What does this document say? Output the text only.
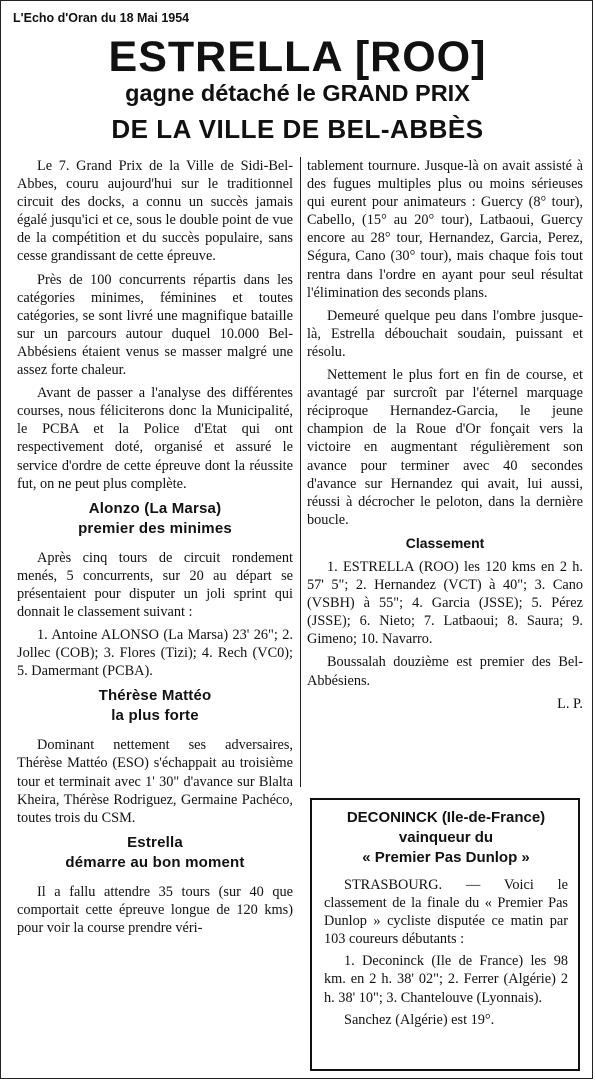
L'Echo d'Oran du 18 Mai 1954
ESTRELLA [ROO]
gagne détaché le GRAND PRIX
DE LA VILLE DE BEL-ABBÈS

Le 7. Grand Prix de la Ville de Sidi-Bel-Abbes, couru aujourd'hui sur le traditionnel circuit des docks, a connu un succès jamais égalé jusqu'ici et ce, sous le double point de vue de la compétition et du succès populaire, sans cesse grandissant de cette épreuve.

Près de 100 concurrents répartis dans les catégories minimes, féminines et toutes catégories, se sont livré une magnifique bataille sur un parcours autour duquel 10.000 Bel-Abbésiens étaient venus se masser malgré une assez forte chaleur.

Avant de passer a l'analyse des différentes courses, nous féliciterons donc la Municipalité, le PCBA et la Police d'Etat qui ont respectivement doté, organisé et assuré le service d'ordre de cette épreuve dont la réussite fut, on ne peut plus complète.

Alonzo (La Marsa)
premier des minimes

Après cinq tours de circuit rondement menés, 5 concurrents, sur 20 au départ se présentaient pour disputer un joli sprint qui donnait le classement suivant :

1. Antoine ALONSO (La Marsa) 23' 26"; 2. Jollec (COB); 3. Flores (Tizi); 4. Rech (VC0); 5. Damermant (PCBA).

Thérèse Mattéo
la plus forte

Dominant nettement ses adversaires, Thérèse Mattéo (ESO) s'échappait au troisième tour et terminait avec 1' 30" d'avance sur Blalta Kheira, Thérèse Rodriguez, Germaine Pachéco, toutes trois du CSM.

Estrella
démarre au bon moment

Il a fallu attendre 35 tours (sur 40 que comportait cette épreuve longue de 120 kms) pour voir la course prendre véri-

tablement tournure. Jusque-là on avait assisté à des fugues multiples plus ou moins sérieuses qui eurent pour animateurs : Guercy (8° tour), Cabello, (15° au 20° tour), Latbaoui, Guercy encore au 28° tour, Hernandez, Garcia, Perez, Ségura, Cano (30° tour), mais chaque fois tout rentra dans l'ordre en ayant pour seul résultat l'élimination des seconds plans.

Demeuré quelque peu dans l'ombre jusque-là, Estrella débouchait soudain, puissant et résolu.

Nettement le plus fort en fin de course, et avantagé par surcroît par l'éternel marquage réciproque Hernandez-Garcia, le jeune champion de la Roue d'Or fonçait vers la victoire en augmentant régulièrement son avance pour terminer avec 40 secondes d'avance sur Hernandez qui avait, lui aussi, réussi à décrocher le peloton, dans la dernière boucle.

Classement

1. ESTRELLA (ROO) les 120 kms en 2 h. 57' 5"; 2. Hernandez (VCT) à 40"; 3. Cano (VSBH) à 55"; 4. Garcia (JSSE); 5. Pérez (JSSE); 6. Nieto; 7. Latbaoui; 8. Saura; 9. Gimeno; 10. Navarro.

Boussalah douzième est premier des Bel-Abbésiens.

L. P.

DECONINCK (Ile-de-France)
vainqueur du
« Premier Pas Dunlop »

STRASBOURG. — Voici le classement de la finale du « Premier Pas Dunlop » cycliste disputée ce matin par 103 coureurs débutants :

1. Deconinck (Ile de France) les 98 km. en 2 h. 38' 02"; 2. Ferrer (Algérie) 2 h. 38' 10"; 3. Chantelouve (Lyonnais).

Sanchez (Algérie) est 19°.
